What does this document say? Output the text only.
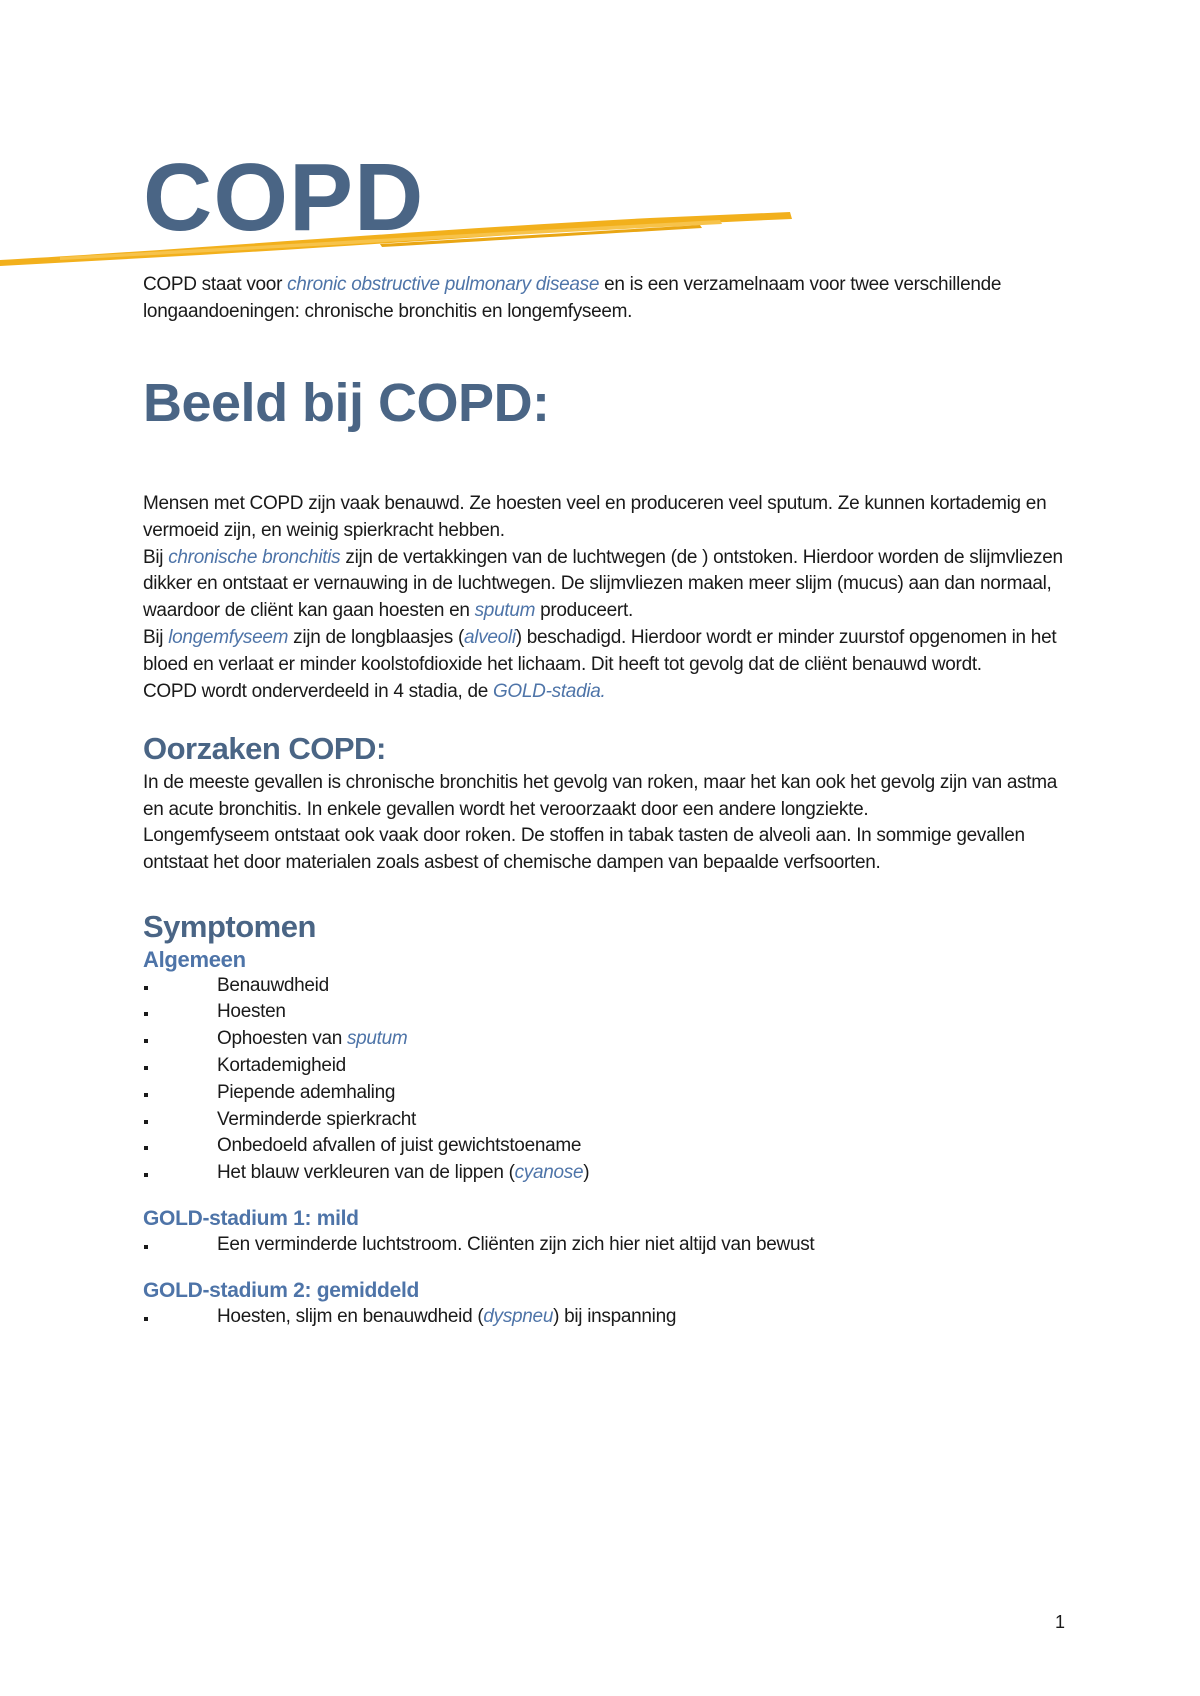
COPD

COPD staat voor chronic obstructive pulmonary disease en is een verzamelnaam voor twee verschillende longaandoeningen: chronische bronchitis en longemfyseem.

Beeld bij COPD:

Mensen met COPD zijn vaak benauwd. Ze hoesten veel en produceren veel sputum. Ze kunnen kortademig en vermoeid zijn, en weinig spierkracht hebben.

Bij chronische bronchitis zijn de vertakkingen van de luchtwegen (de ) ontstoken. Hierdoor worden de slijmvliezen dikker en ontstaat er vernauwing in de luchtwegen. De slijmvliezen maken meer slijm (mucus) aan dan normaal, waardoor de cliënt kan gaan hoesten en sputum produceert.

Bij longemfyseem zijn de longblaasjes (alveoli) beschadigd. Hierdoor wordt er minder zuurstof opgenomen in het bloed en verlaat er minder koolstofdioxide het lichaam. Dit heeft tot gevolg dat de cliënt benauwd wordt.

COPD wordt onderverdeeld in 4 stadia, de GOLD-stadia.

Oorzaken COPD:

In de meeste gevallen is chronische bronchitis het gevolg van roken, maar het kan ook het gevolg zijn van astma en acute bronchitis. In enkele gevallen wordt het veroorzaakt door een andere longziekte.

Longemfyseem ontstaat ook vaak door roken. De stoffen in tabak tasten de alveoli aan. In sommige gevallen ontstaat het door materialen zoals asbest of chemische dampen van bepaalde verfsoorten.

Symptomen
Algemeen
Benauwdheid
Hoesten
Ophoesten van sputum
Kortademigheid
Piepende ademhaling
Verminderde spierkracht
Onbedoeld afvallen of juist gewichtstoename
Het blauw verkleuren van de lippen (cyanose)
GOLD-stadium 1: mild
Een verminderde luchtstroom. Cliënten zijn zich hier niet altijd van bewust
GOLD-stadium 2: gemiddeld
Hoesten, slijm en benauwdheid (dyspneu) bij inspanning
1
